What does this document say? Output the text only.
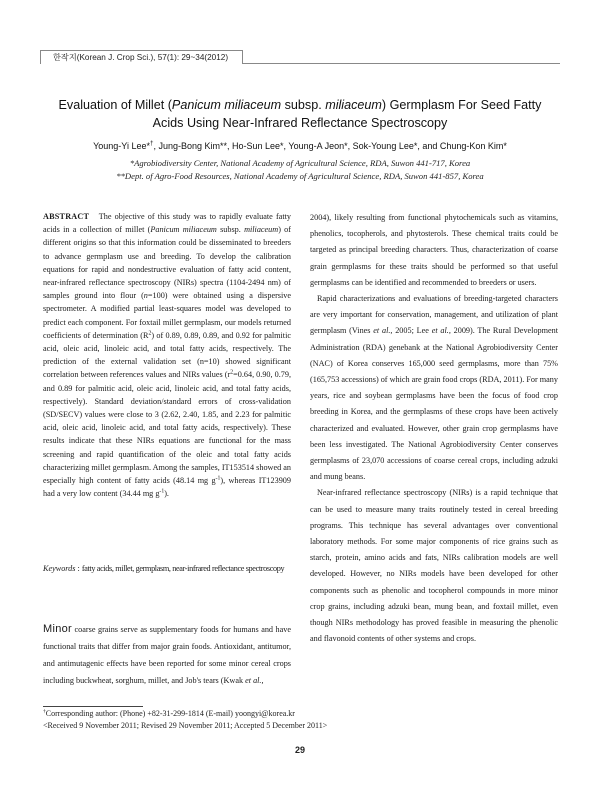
한작지(Korean J. Crop Sci.), 57(1): 29~34(2012)
Evaluation of Millet (Panicum miliaceum subsp. miliaceum) Germplasm For Seed Fatty
Acids Using Near-Infrared Reflectance Spectroscopy
Young-Yi Lee*†, Jung-Bong Kim**, Ho-Sun Lee*, Young-A Jeon*, Sok-Young Lee*, and Chung-Kon Kim*
*Agrobiodiversity Center, National Academy of Agricultural Science, RDA, Suwon 441-717, Korea
**Dept. of Agro-Food Resources, National Academy of Agricultural Science, RDA, Suwon 441-857, Korea

ABSTRACT The objective of this study was to rapidly evaluate fatty acids in a collection of millet (Panicum miliaceum subsp. miliaceum) of different origins so that this information could be disseminated to breeders to advance germplasm use and breeding. To develop the calibration equations for rapid and nondestructive evaluation of fatty acid content, near-infrared reflectance spectroscopy (NIRs) spectra (1104-2494 nm) of samples ground into flour (n=100) were obtained using a dispersive spectrometer. A modified partial least-squares model was developed to predict each component. For foxtail millet germplasm, our models returned coefficients of determination $(R^2)$ of 0.89, 0.89, 0.89, and 0.92 for palmitic acid, oleic acid, linoleic acid, and total fatty acids, respectively. The prediction of the external validation set (n=10) showed significant correlation between references values and NIRs values ($r^2=0.64$, 0.90, 0.79, and 0.89 for palmitic acid, oleic acid, linoleic acid, and total fatty acids, respectively). Standard deviation/standard errors of cross-validation (SD/SECV) values were close to 3 (2.62, 2.40, 1.85, and 2.23 for palmitic acid, oleic acid, linoleic acid, and total fatty acids, respectively). These results indicate that these NIRs equations are functional for the mass screening and rapid quantification of the oleic and total fatty acids characterizing millet germplasm. Among the samples, IT153514 showed an especially high content of fatty acids (48.14 mg $g^{-1}$), whereas IT123909 had a very low content (34.44 mg $g^{-1}$).

Keywords : fatty acids, millet, germplasm, near-infrared reflectance spectroscopy
Minor coarse grains serve as supplementary foods for humans and have functional traits that differ from major grain foods. Antioxidant, antitumor, and antimutagenic effects have been reported for some minor cereal crops including buckwheat, sorghum, millet, and Job's tears (Kwak et al.,

2004), likely resulting from functional phytochemicals such as vitamins, phenolics, tocopherols, and phytosterols. These chemical traits could be targeted as principal breeding characters. Thus, characterization of coarse grain germplasms for these traits should be performed so that useful germplasms can be identified and recommended to breeders or users.

Rapid characterizations and evaluations of breeding-targeted characters are very important for conservation, management, and utilization of plant germplasm (Vines et al., 2005; Lee et al., 2009). The Rural Development Administration (RDA) genebank at the National Agrobiodiversity Center (NAC) of Korea conserves 165,000 seed germplasms, more than 75% (165,753 accessions) of which are grain food crops (RDA, 2011). For many years, rice and soybean germplasms have been the focus of food crop breeding in Korea, and the germplasms of these crops have been actively characterized and evaluated. However, other grain crop germplasms have been less investigated. The National Agrobiodiversity Center conserves germplasms of 23,070 accessions of coarse cereal crops, including adzuki and mung beans.

Near-infrared reflectance spectroscopy (NIRs) is a rapid technique that can be used to measure many traits routinely tested in cereal breeding programs. This technique has several advantages over conventional laboratory methods. For some major components of rice grains such as starch, protein, amino acids and fats, NIRs calibration models are well developed. However, no NIRs models have been developed for other components such as phenolic and tocopherol compounds in more minor crop grains, including adzuki bean, mung bean, and foxtail millet, even though NIRs methodology has proved feasible in measuring the phenolic and flavonoid contents of other systems and crops.

†Corresponding author: (Phone) +82-31-299-1814 (E-mail) yoongyi@korea.kr
<Received 9 November 2011; Revised 29 November 2011; Accepted 5 December 2011>
29
